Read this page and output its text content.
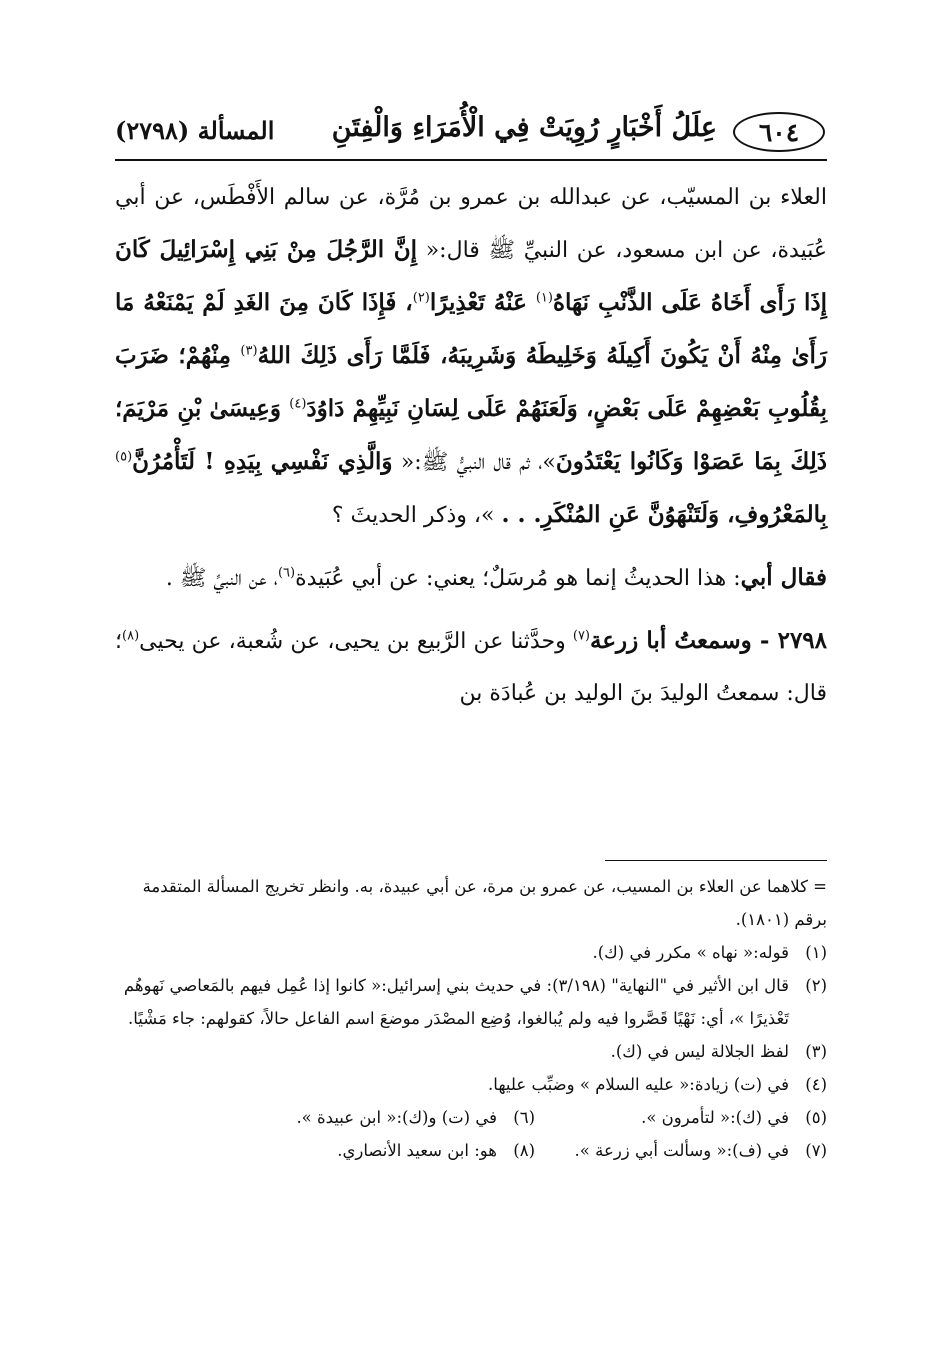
٦٠٤
عِلَلُ أَخْبَارٍ رُوِيَتْ فِي الْأُمَرَاءِ وَالْفِتَنِ
المسألة (٢٧٩٨)

العلاء بن المسيّب، عن عبدالله بن عمرو بن مُرَّة، عن سالم الأَفْطَس، عن أبي عُبَيدة، عن ابن مسعود، عن النبيِّ ﷺ قال:« إِنَّ الرَّجُلَ مِنْ بَنِي إِسْرَائِيلَ كَانَ إِذَا رَأَى أَخَاهُ عَلَى الذَّنْبِ نَهَاهُ$^{(١)}$ عَنْهُ تَعْذِيرًا$^{(٢)}$، فَإِذَا كَانَ مِنَ الغَدِ لَمْ يَمْنَعْهُ مَا رَأَىٰ مِنْهُ أَنْ يَكُونَ أَكِيلَهُ وَخَلِيطَهُ وَشَرِيبَهُ، فَلَمَّا رَأَى ذَلِكَ اللهُ$^{(٣)}$ مِنْهُمْ؛ ضَرَبَ بِقُلُوبِ بَعْضِهِمْ عَلَى بَعْضٍ، وَلَعَنَهُمْ عَلَى لِسَانِ نَبِيِّهِمْ دَاوُدَ$^{(٤)}$ وَعِيسَىٰ بْنِ مَرْيَمَ؛ ذَلِكَ بِمَا عَصَوْا وَكَانُوا يَعْتَدُونَ»، ثم قال النبيُّ ﷺ:« وَالَّذِي نَفْسِي بِيَدِهِ ! لَتَأْمُرُنَّ$^{(٥)}$ بِالمَعْرُوفِ، وَلَتَنْهَوُنَّ عَنِ المُنْكَرِ. . . »، وذكر الحديثَ ؟

فقال أبي: هذا الحديثُ إنما هو مُرسَلٌ؛ يعني: عن أبي عُبَيدة$^{(٦)}$، عن النبيِّ ﷺ .

٢٧٩٨ - وسمعتُ أبا زرعة$^{(٧)}$ وحدَّثنا عن الرَّبيع بن يحيى، عن شُعبة، عن يحيى$^{(٨)}$؛ قال: سمعتُ الوليدَ بنَ الوليد بن عُبادَة بن

= كلاهما عن العلاء بن المسيب، عن عمرو بن مرة، عن أبي عبيدة، به. وانظر تخريج المسألة المتقدمة برقم (١٨٠١).

(١)
قوله:« نهاه » مكرر في (ك).
(٢)
قال ابن الأثير في "النهاية" (٣/١٩٨): في حديث بني إسرائيل:« كانوا إذا عُمِل فيهم بالمَعاصي نَهوهُم تَعْذيرًا »، أي: نَهْيًا قَصَّروا فيه ولم يُبالغوا، وُضِع المصْدَر موضعَ اسم الفاعل حالاً، كقولهم: جاء مَشْيًا.
(٣)
لفظ الجلالة ليس في (ك).
(٤)
في (ت) زيادة:« عليه السلام » وضبِّب عليها.
(٥)
في (ك):« لتأمرون ».
(٦)
في (ت) و(ك):« ابن عبيدة ».
(٧)
في (ف):« وسألت أبي زرعة ».
(٨)
هو: ابن سعيد الأنصاري.
